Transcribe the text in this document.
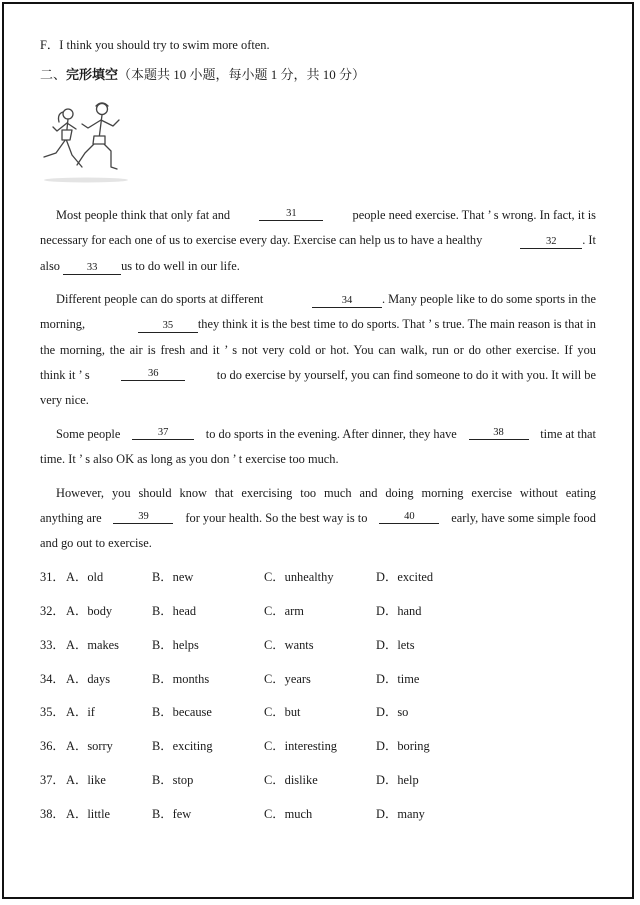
F．I think you should try to swim more often.
二、完形填空（本题共 10 小题，每小题 1 分，共 10 分）
Most people think that only fat and	31	people need exercise. That ’ s wrong. In fact, it is
necessary for each one of us to exercise every day. Exercise can help us to have a healthy	32 . It
also	33 us to do well in our life.
Different people can do sports at different	34 . Many people like to do some sports in the
morning,	35 they think it is the best time to do sports. That ’ s true. The main reason is that in
the morning, the air is fresh and it ’ s not very cold or hot. You can walk, run or do other exercise. If you
think it ’ s	36	to do exercise by yourself, you can find someone to do it with you. It will be
very nice.
Some people	37	to do sports in the evening. After dinner, they have	38	time at that
time. It ’ s also OK as long as you don ’ t exercise too much.
However, you should know that exercising too much and doing morning exercise without eating
anything are	39	for your health. So the best way is to	40	early, have some simple food
and go out to exercise.
31． A．old	B．new	C．unhealthy	D．excited
32． A．body	B．head	C．arm	D．hand
33． A．makes	B．helps	C．wants	D．lets
34． A．days	B．months	C．years	D．time
35． A．if	B．because	C．but	D．so
36． A．sorry	B．exciting	C．interesting	D．boring
37． A．like	B．stop	C．dislike	D．help
38． A．little	B．few	C．much	D．many
